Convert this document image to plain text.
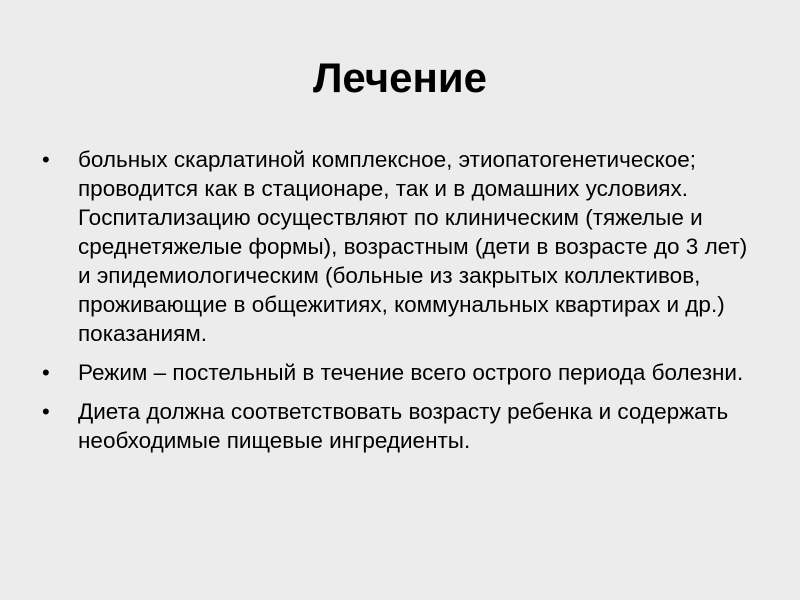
Лечение
• больных скарлатиной комплексное, этиопатогенетическое; проводится как в стационаре, так и в домашних условиях. Госпитализацию осуществляют по клиническим (тяжелые и среднетяжелые формы), возрастным (дети в возрасте до 3 лет) и эпидемиологическим (больные из закрытых коллективов, проживающие в общежитиях, коммунальных квартирах и др.) показаниям.
• Режим – постельный в течение всего острого периода болезни.
• Диета должна соответствовать возрасту ребенка и содержать необходимые пищевые ингредиенты.
